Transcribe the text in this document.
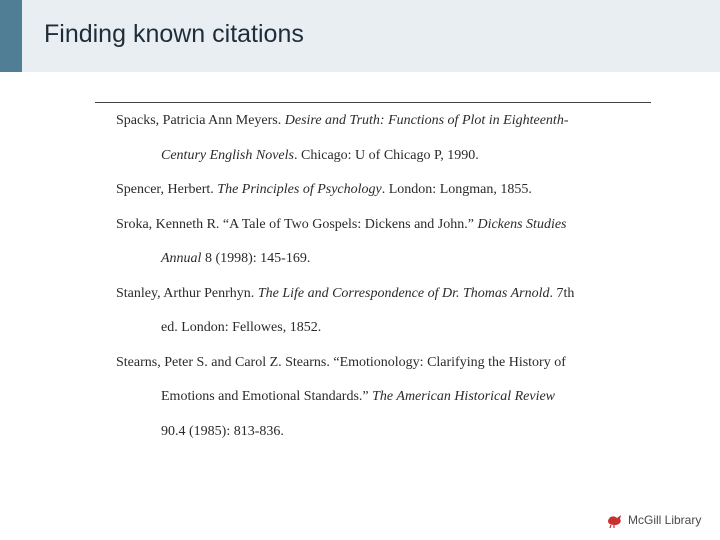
Finding known citations
Spacks, Patricia Ann Meyers. Desire and Truth: Functions of Plot in Eighteenth-
Century English Novels. Chicago: U of Chicago P, 1990.
Spencer, Herbert. The Principles of Psychology. London: Longman, 1855.
Sroka, Kenneth R. “A Tale of Two Gospels: Dickens and John.” Dickens Studies
Annual 8 (1998): 145-169.
Stanley, Arthur Penrhyn. The Life and Correspondence of Dr. Thomas Arnold. 7th
ed. London: Fellowes, 1852.
Stearns, Peter S. and Carol Z. Stearns. “Emotionology: Clarifying the History of
Emotions and Emotional Standards.” The American Historical Review
90.4 (1985): 813-836.
McGill Library
